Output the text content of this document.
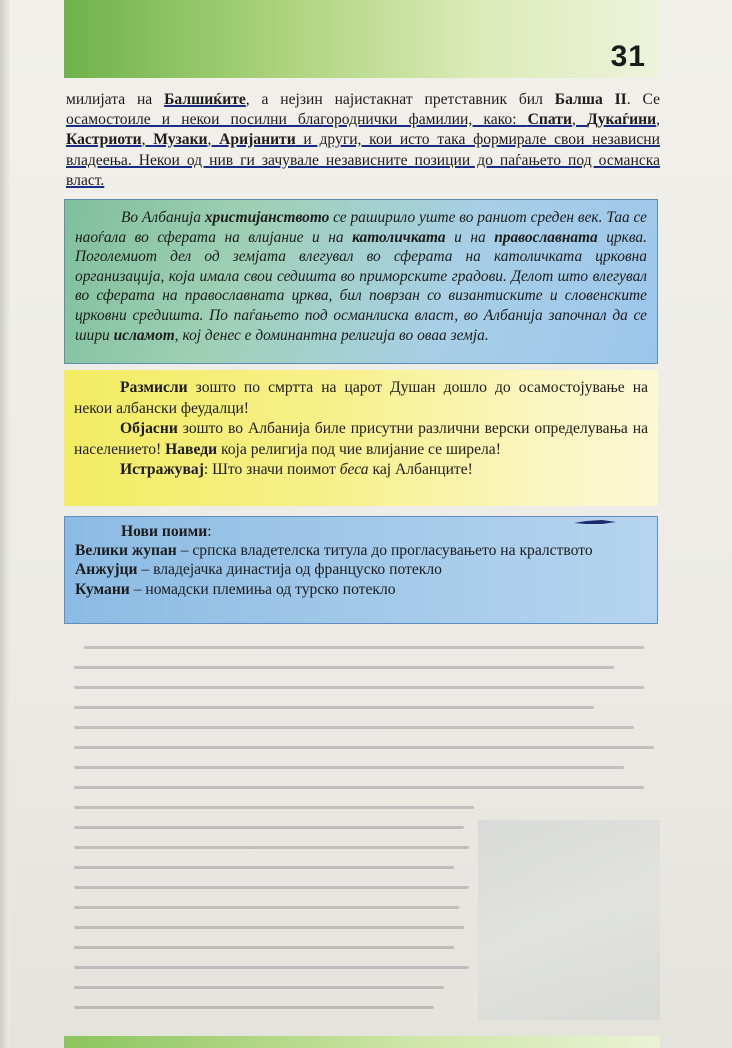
31
милијата на Балшиќите, а нејзин најистакнат претставник бил Балша II. Се осамостоиле и некои посилни благороднички фамилии, како: Спати, Дукаѓини, Кастриоти, Музаки, Аријанити и други, кои исто така формирале свои независни владеења. Некои од нив ги зачувале независните позиции до паѓањето под османска власт.

Во Албанија христијанството се раширило уште во раниот среден век. Таа се наоѓала во сферата на влијание и на католичката и на православната црква. Поголемиот дел од земјата влегувал во сферата на католичката црковна организација, која имала свои седишта во приморските градови. Делот што влегувал во сферата на православната црква, бил поврзан со византиските и словенските црковни средишта. По паѓањето под османлиска власт, во Албанија започнал да се шири исламот, кој денес е доминантна религија во оваа земја.

Размисли зошто по смртта на царот Душан дошло до осамостојување на некои албански феудалци!

Објасни зошто во Албанија биле присутни различни верски определувања на населението! Наведи која религија под чие влијание се ширела!

Истражувај: Што значи поимот беса кај Албанците!

Нови поими:

Велики жупан – српска владетелска титула до прогласувањето на кралството

Анжујци – владејачка династија од француско потекло

Кумани – номадски племиња од турско потекло
